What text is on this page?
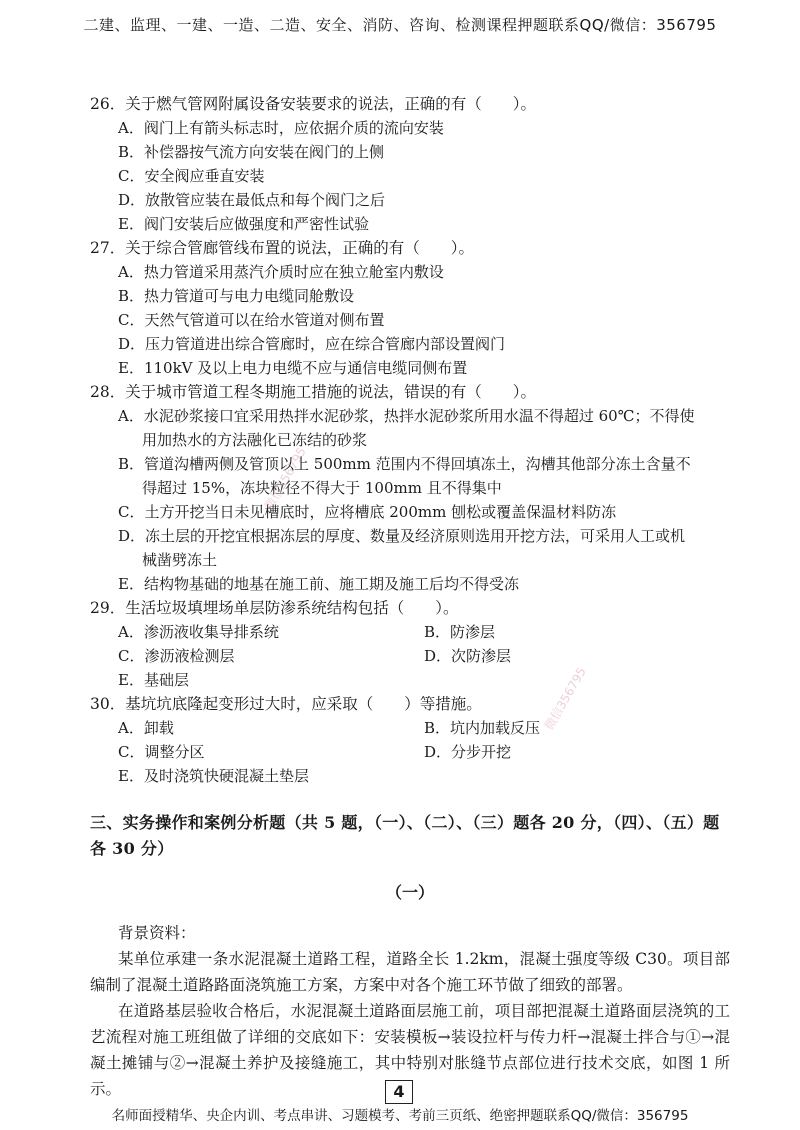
二建、监理、一建、一造、二造、安全、消防、咨询、检测课程押题联系QQ/微信：356795
26．关于燃气管网附属设备安装要求的说法，正确的有（　　）。
A．阀门上有箭头标志时，应依据介质的流向安装
B．补偿器按气流方向安装在阀门的上侧
C．安全阀应垂直安装
D．放散管应装在最低点和每个阀门之后
E．阀门安装后应做强度和严密性试验
27．关于综合管廊管线布置的说法，正确的有（　　）。
A．热力管道采用蒸汽介质时应在独立舱室内敷设
B．热力管道可与电力电缆同舱敷设
C．天然气管道可以在给水管道对侧布置
D．压力管道进出综合管廊时，应在综合管廊内部设置阀门
E．110kV 及以上电力电缆不应与通信电缆同侧布置
28．关于城市管道工程冬期施工措施的说法，错误的有（　　）。
A．水泥砂浆接口宜采用热拌水泥砂浆，热拌水泥砂浆所用水温不得超过 60℃；不得使
用加热水的方法融化已冻结的砂浆
B．管道沟槽两侧及管顶以上 500mm 范围内不得回填冻土，沟槽其他部分冻土含量不
得超过 15%，冻块粒径不得大于 100mm 且不得集中
C．土方开挖当日未见槽底时，应将槽底 200mm 刨松或覆盖保温材料防冻
D．冻土层的开挖宜根据冻层的厚度、数量及经济原则选用开挖方法，可采用人工或机
械凿劈冻土
E．结构物基础的地基在施工前、施工期及施工后均不得受冻
29．生活垃圾填埋场单层防渗系统结构包括（　　）。
A．渗沥液收集导排系统	B．防渗层
C．渗沥液检测层	D．次防渗层
E．基础层
30．基坑坑底隆起变形过大时，应采取（　　）等措施。
A．卸载	B．坑内加载反压
C．调整分区	D．分步开挖
E．及时浇筑快硬混凝土垫层
三、实务操作和案例分析题（共 5 题，（一）、（二）、（三）题各 20 分，（四）、（五）题各 30 分）
（一）
背景资料：
某单位承建一条水泥混凝土道路工程，道路全长 1.2km，混凝土强度等级 C30。项目部编制了混凝土道路路面浇筑施工方案，方案中对各个施工环节做了细致的部署。
在道路基层验收合格后，水泥混凝土道路面层施工前，项目部把混凝土道路面层浇筑的工艺流程对施工班组做了详细的交底如下：安装模板→装设拉杆与传力杆→混凝土拌合与①→混凝土摊铺与②→混凝土养护及接缝施工，其中特别对胀缝节点部位进行技术交底，如图 1 所示。
微信356795
微信356795
4
名师面授精华、央企内训、考点串讲、习题模考、考前三页纸、绝密押题联系QQ/微信：356795
